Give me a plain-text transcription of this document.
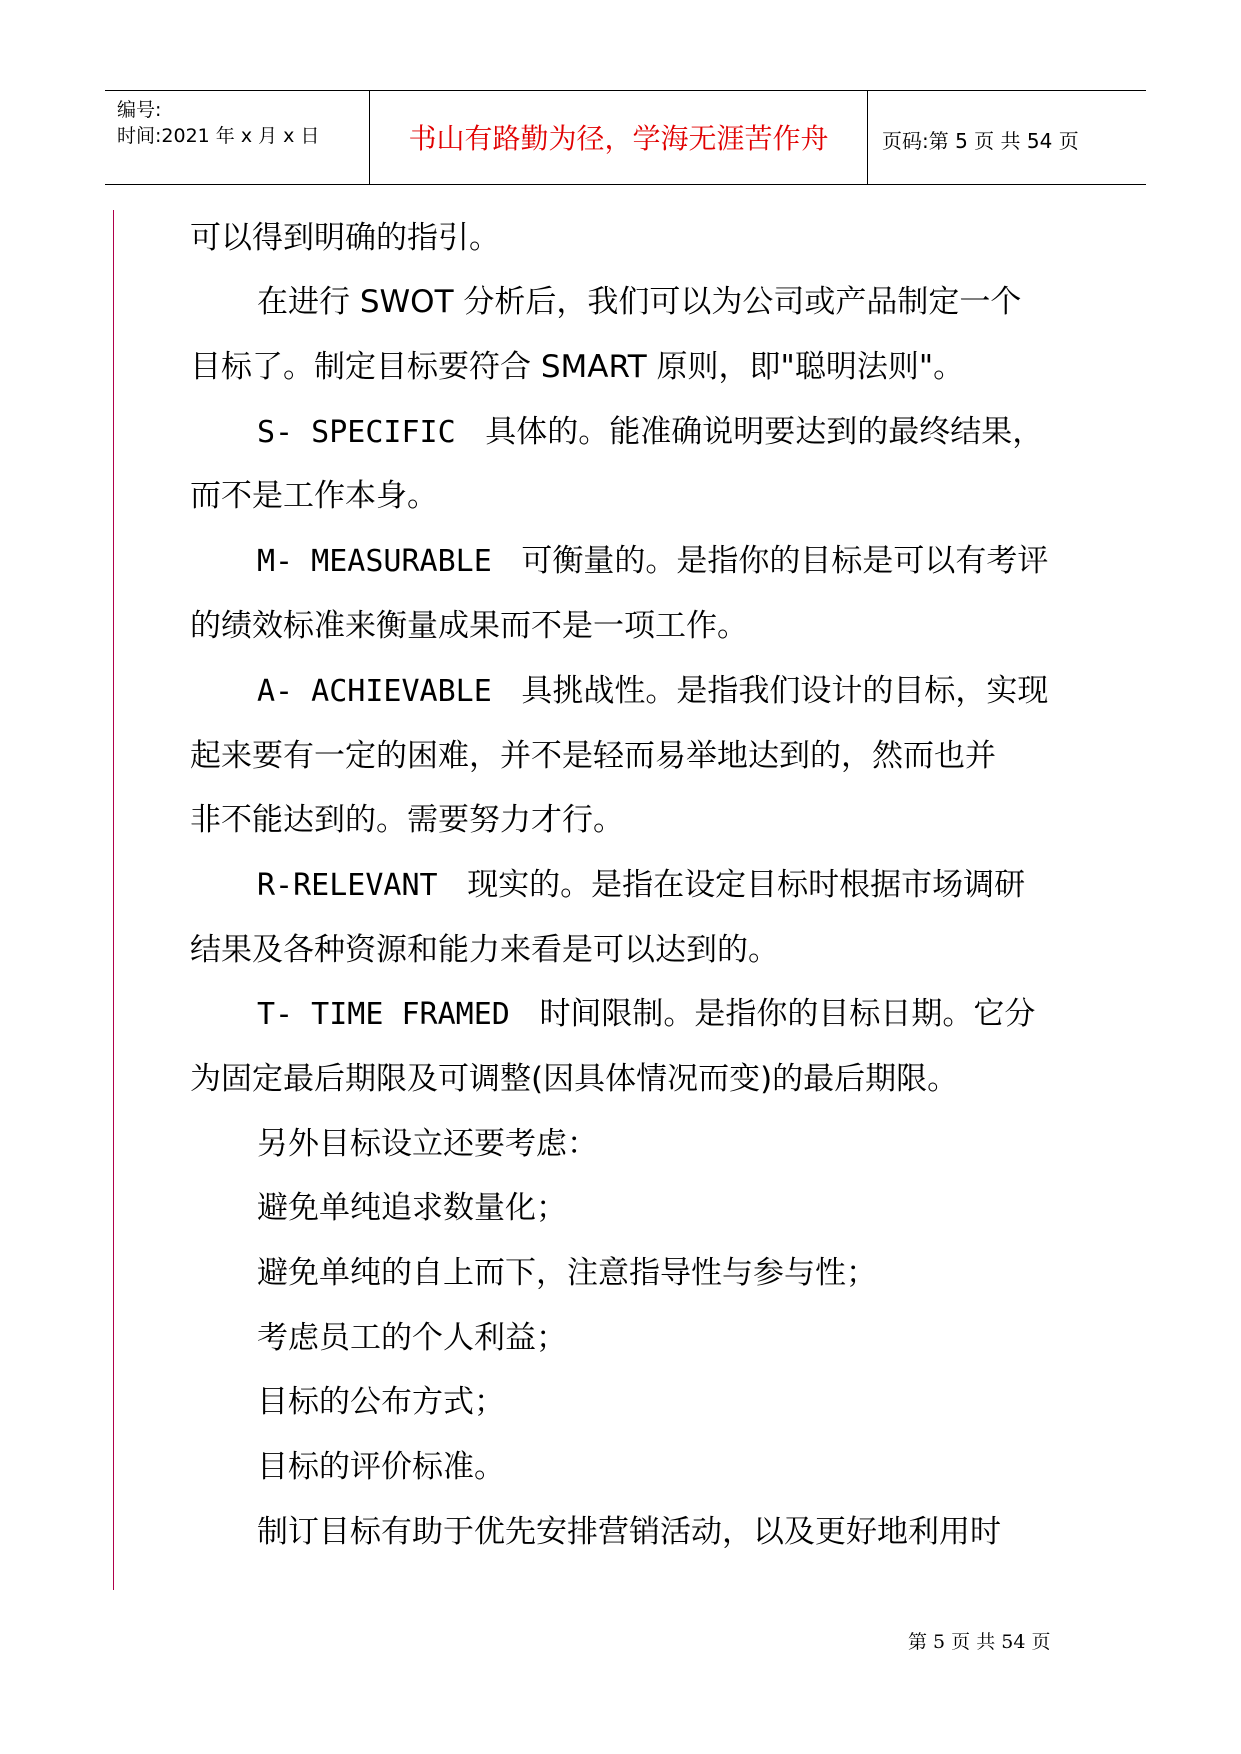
编号:
时间:2021 年 x 月 x 日	书山有路勤为径，学海无涯苦作舟	页码:第 5 页 共 54 页
可以得到明确的指引。
在进行 SWOT 分析后，我们可以为公司或产品制定一个
目标了。制定目标要符合 SMART 原则，即"聪明法则"。
S- SPECIFIC 具体的。能准确说明要达到的最终结果，
而不是工作本身。
M- MEASURABLE 可衡量的。是指你的目标是可以有考评
的绩效标准来衡量成果而不是一项工作。
A- ACHIEVABLE 具挑战性。是指我们设计的目标，实现
起来要有一定的困难，并不是轻而易举地达到的，然而也并
非不能达到的。需要努力才行。
R-RELEVANT 现实的。是指在设定目标时根据市场调研
结果及各种资源和能力来看是可以达到的。
T- TIME FRAMED 时间限制。是指你的目标日期。它分
为固定最后期限及可调整(因具体情况而变)的最后期限。
另外目标设立还要考虑：
避免单纯追求数量化；
避免单纯的自上而下，注意指导性与参与性；
考虑员工的个人利益；
目标的公布方式；
目标的评价标准。
制订目标有助于优先安排营销活动，以及更好地利用时
第 5 页 共 54 页
